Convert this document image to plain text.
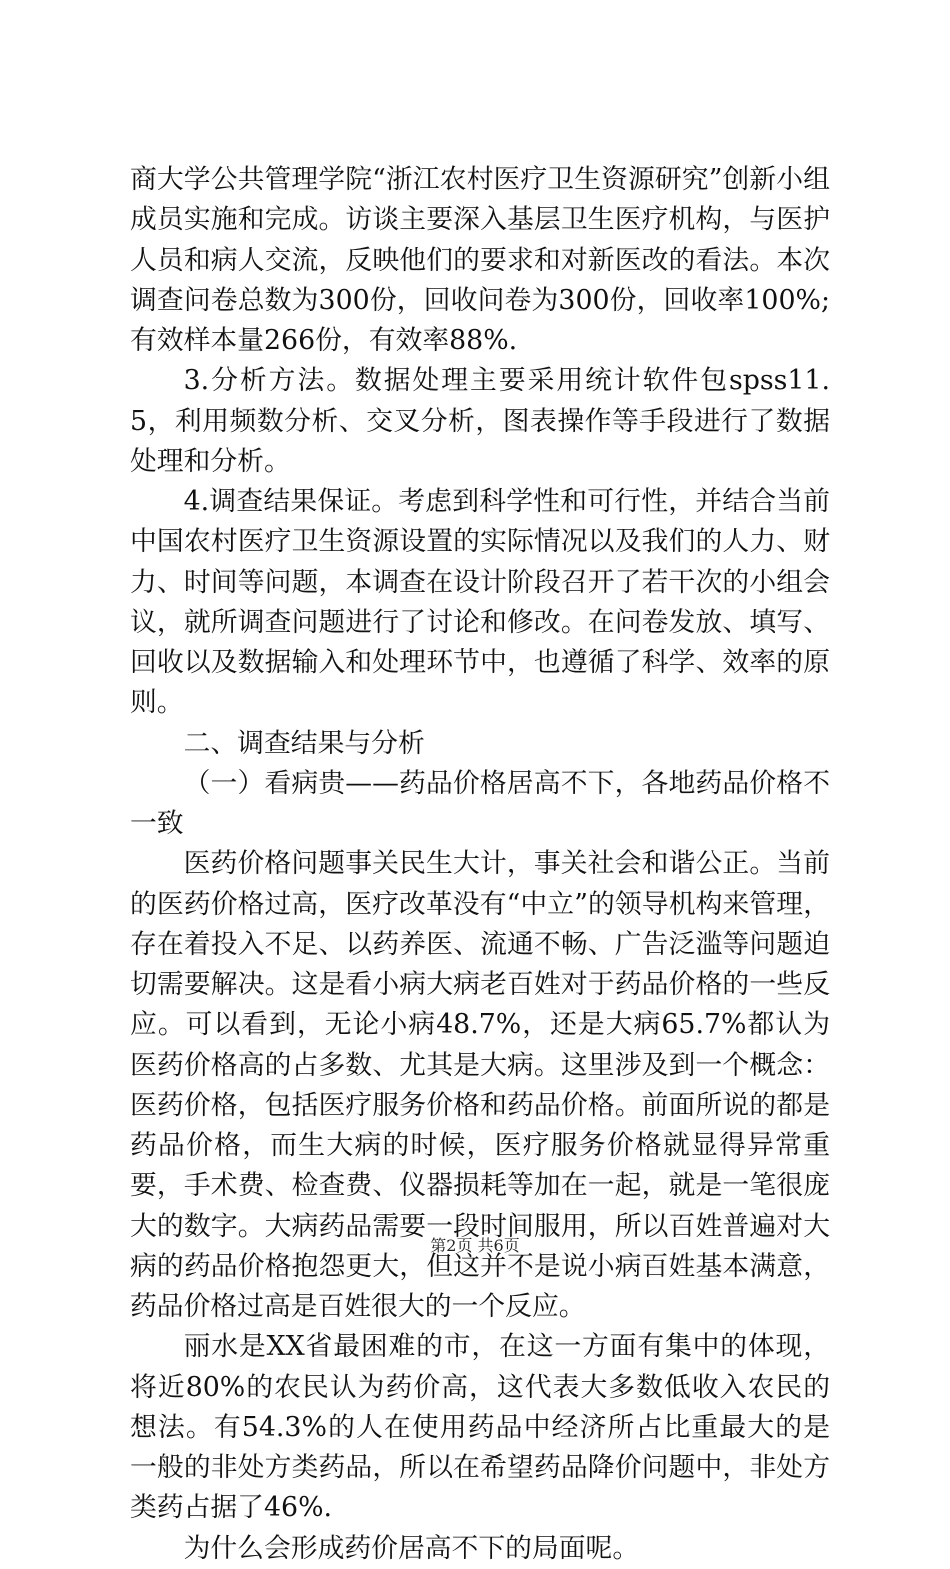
商大学公共管理学院“浙江农村医疗卫生资源研究”创新小组成员实施和完成。访谈主要深入基层卫生医疗机构，与医护人员和病人交流，反映他们的要求和对新医改的看法。本次调查问卷总数为300份，回收问卷为300份，回收率100%;有效样本量266份，有效率88%.

3.分析方法。数据处理主要采用统计软件包spss11.5，利用频数分析、交叉分析，图表操作等手段进行了数据处理和分析。

4.调查结果保证。考虑到科学性和可行性，并结合当前中国农村医疗卫生资源设置的实际情况以及我们的人力、财力、时间等问题，本调查在设计阶段召开了若干次的小组会议，就所调查问题进行了讨论和修改。在问卷发放、填写、回收以及数据输入和处理环节中，也遵循了科学、效率的原则。

二、调查结果与分析

（一）看病贵——药品价格居高不下，各地药品价格不一致

医药价格问题事关民生大计，事关社会和谐公正。当前的医药价格过高，医疗改革没有“中立”的领导机构来管理，存在着投入不足、以药养医、流通不畅、广告泛滥等问题迫切需要解决。这是看小病大病老百姓对于药品价格的一些反应。可以看到，无论小病48.7%，还是大病65.7%都认为医药价格高的占多数、尤其是大病。这里涉及到一个概念：医药价格，包括医疗服务价格和药品价格。前面所说的都是药品价格，而生大病的时候，医疗服务价格就显得异常重要，手术费、检查费、仪器损耗等加在一起，就是一笔很庞大的数字。大病药品需要一段时间服用，所以百姓普遍对大病的药品价格抱怨更大，但这并不是说小病百姓基本满意，药品价格过高是百姓很大的一个反应。

丽水是XX省最困难的市，在这一方面有集中的体现，将近80%的农民认为药价高，这代表大多数低收入农民的想法。有54.3%的人在使用药品中经济所占比重最大的是一般的非处方类药品，所以在希望药品降价问题中，非处方类药占据了46%.

为什么会形成药价居高不下的局面呢。

第2页 共6页
